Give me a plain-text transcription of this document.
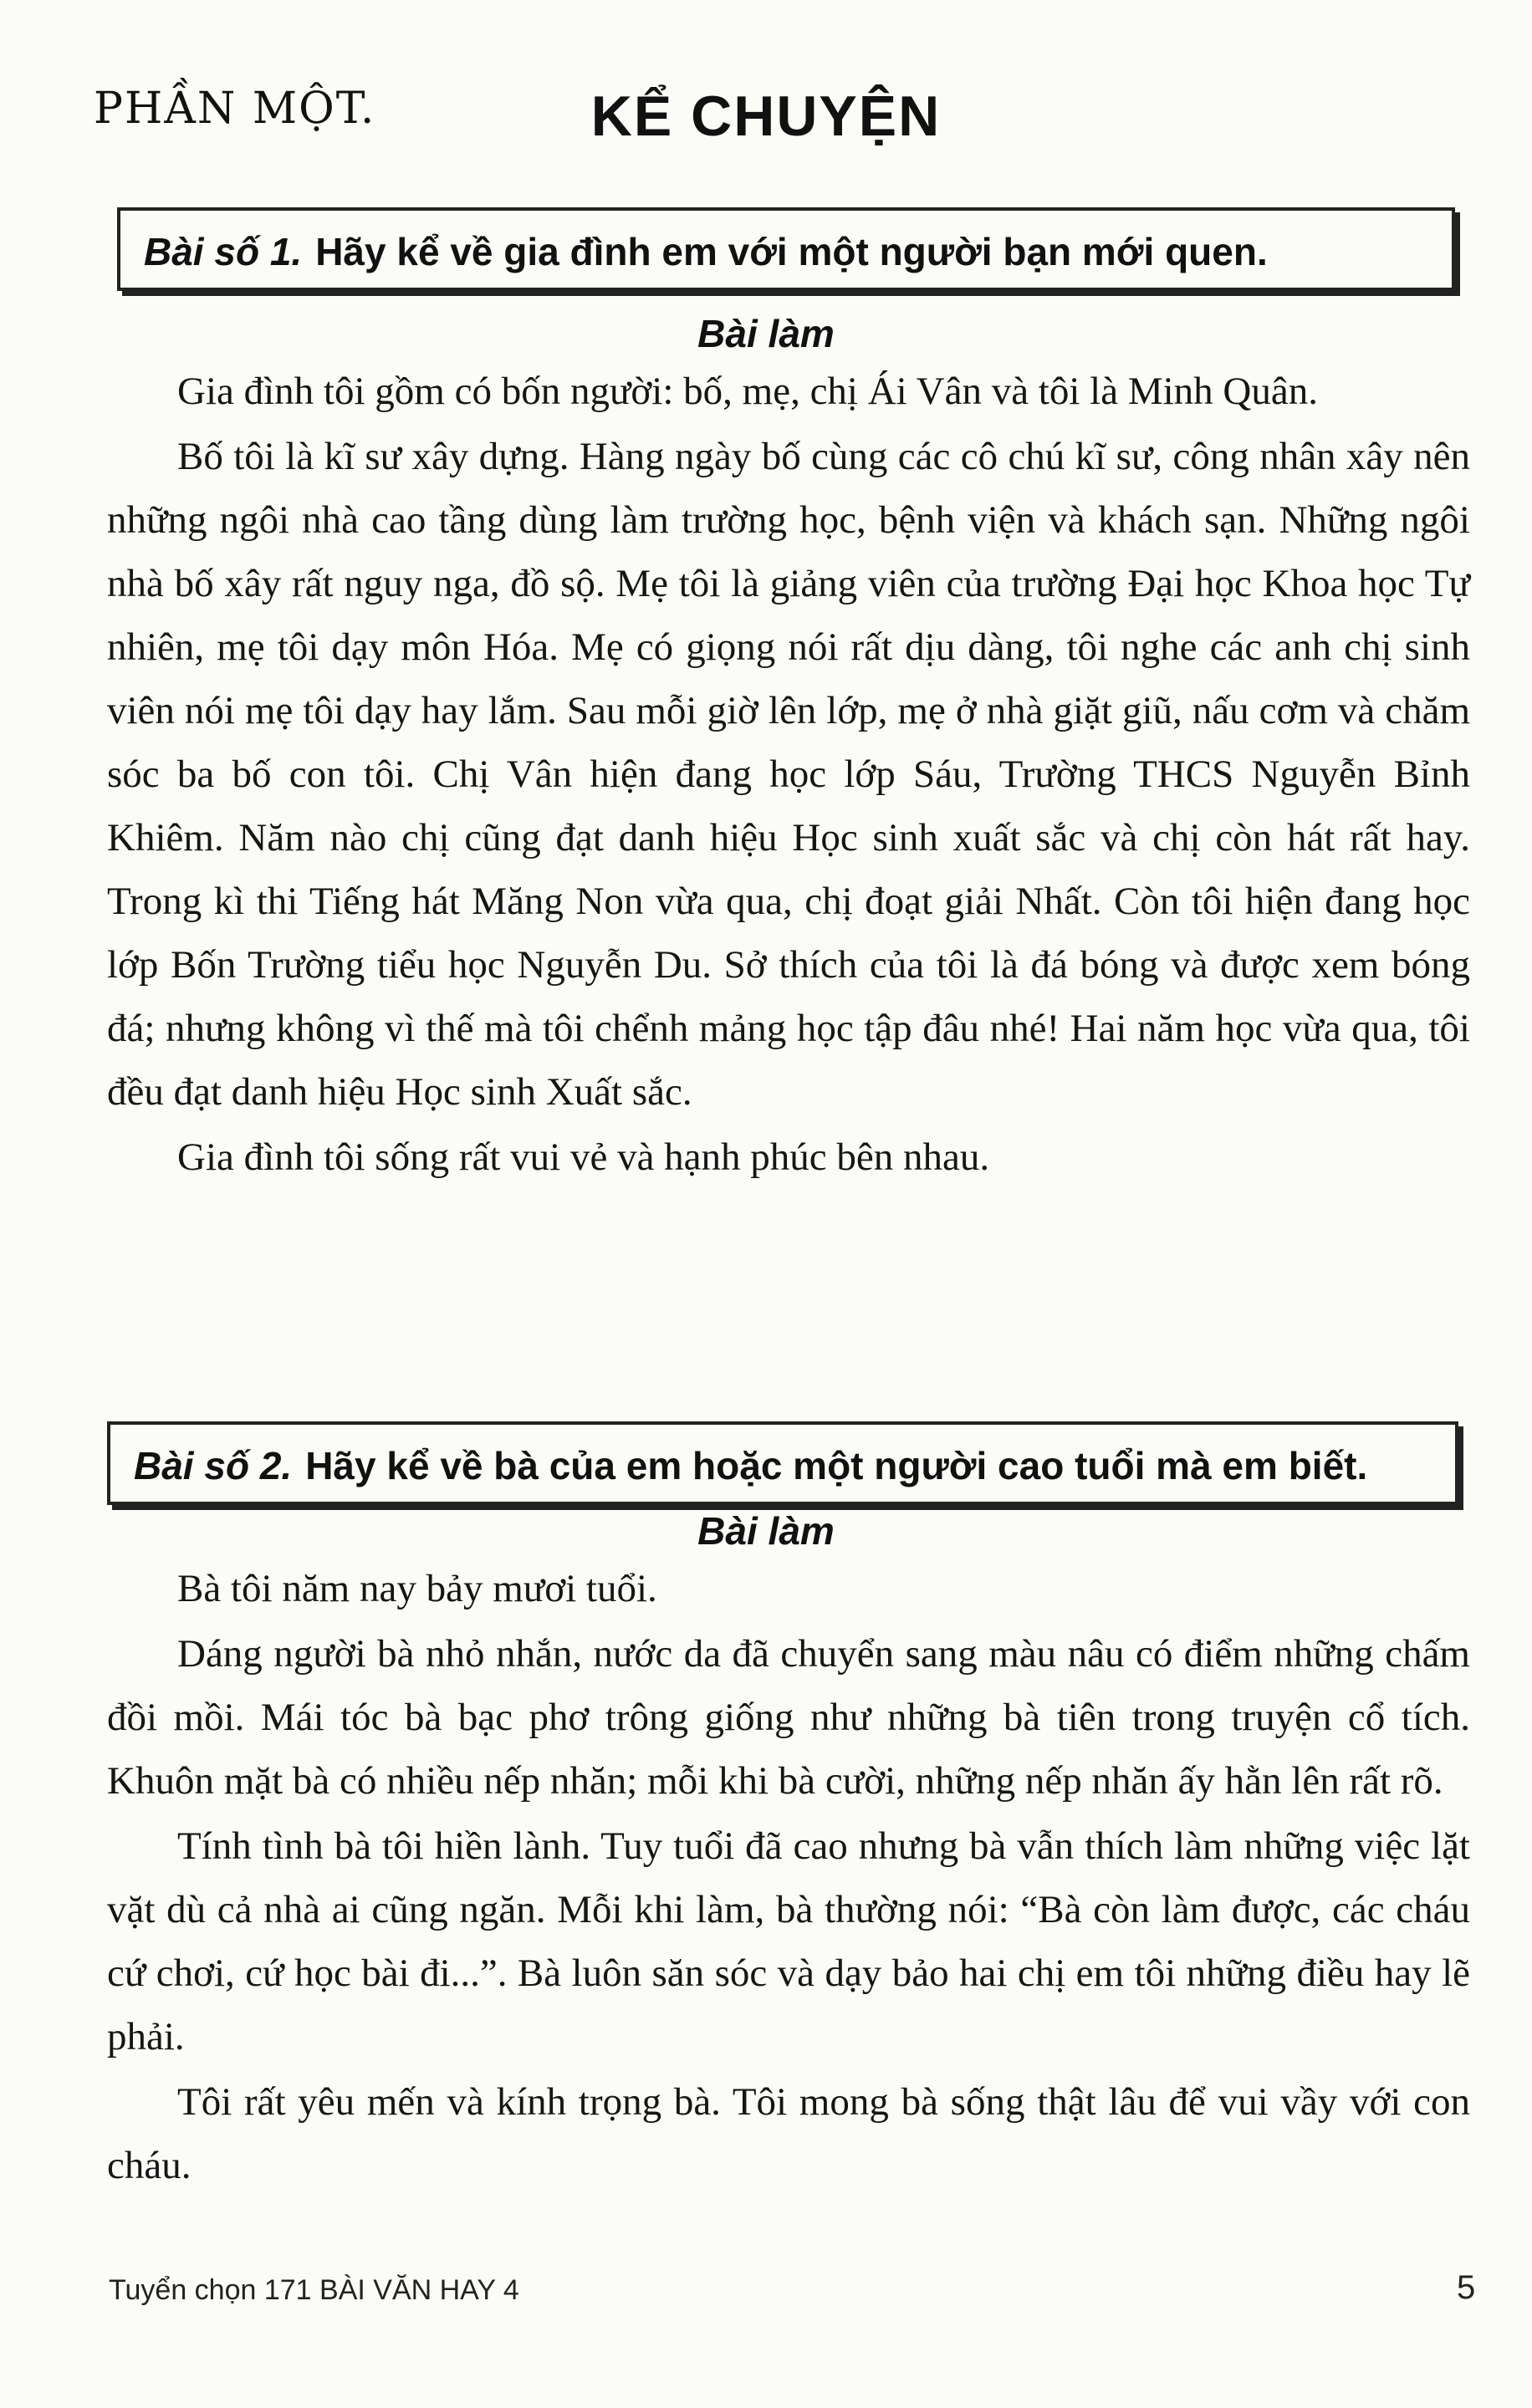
PHẦN MỘT.	KỂ CHUYỆN
Bài số 1. Hãy kể về gia đình em với một người bạn mới quen.
Bài làm

Gia đình tôi gồm có bốn người: bố, mẹ, chị Ái Vân và tôi là Minh Quân.

Bố tôi là kĩ sư xây dựng. Hàng ngày bố cùng các cô chú kĩ sư, công nhân xây nên những ngôi nhà cao tầng dùng làm trường học, bệnh viện và khách sạn. Những ngôi nhà bố xây rất nguy nga, đồ sộ. Mẹ tôi là giảng viên của trường Đại học Khoa học Tự nhiên, mẹ tôi dạy môn Hóa. Mẹ có giọng nói rất dịu dàng, tôi nghe các anh chị sinh viên nói mẹ tôi dạy hay lắm. Sau mỗi giờ lên lớp, mẹ ở nhà giặt giũ, nấu cơm và chăm sóc ba bố con tôi. Chị Vân hiện đang học lớp Sáu, Trường THCS Nguyễn Bỉnh Khiêm. Năm nào chị cũng đạt danh hiệu Học sinh xuất sắc và chị còn hát rất hay. Trong kì thi Tiếng hát Măng Non vừa qua, chị đoạt giải Nhất. Còn tôi hiện đang học lớp Bốn Trường tiểu học Nguyễn Du. Sở thích của tôi là đá bóng và được xem bóng đá; nhưng không vì thế mà tôi chểnh mảng học tập đâu nhé! Hai năm học vừa qua, tôi đều đạt danh hiệu Học sinh Xuất sắc.

Gia đình tôi sống rất vui vẻ và hạnh phúc bên nhau.

Bài số 2. Hãy kể về bà của em hoặc một người cao tuổi mà em biết.
Bài làm

Bà tôi năm nay bảy mươi tuổi.

Dáng người bà nhỏ nhắn, nước da đã chuyển sang màu nâu có điểm những chấm đồi mồi. Mái tóc bà bạc phơ trông giống như những bà tiên trong truyện cổ tích. Khuôn mặt bà có nhiều nếp nhăn; mỗi khi bà cười, những nếp nhăn ấy hằn lên rất rõ.

Tính tình bà tôi hiền lành. Tuy tuổi đã cao nhưng bà vẫn thích làm những việc lặt vặt dù cả nhà ai cũng ngăn. Mỗi khi làm, bà thường nói: “Bà còn làm được, các cháu cứ chơi, cứ học bài đi...”. Bà luôn săn sóc và dạy bảo hai chị em tôi những điều hay lẽ phải.

Tôi rất yêu mến và kính trọng bà. Tôi mong bà sống thật lâu để vui vầy với con cháu.

Tuyển chọn 171 BÀI VĂN HAY 4	5
